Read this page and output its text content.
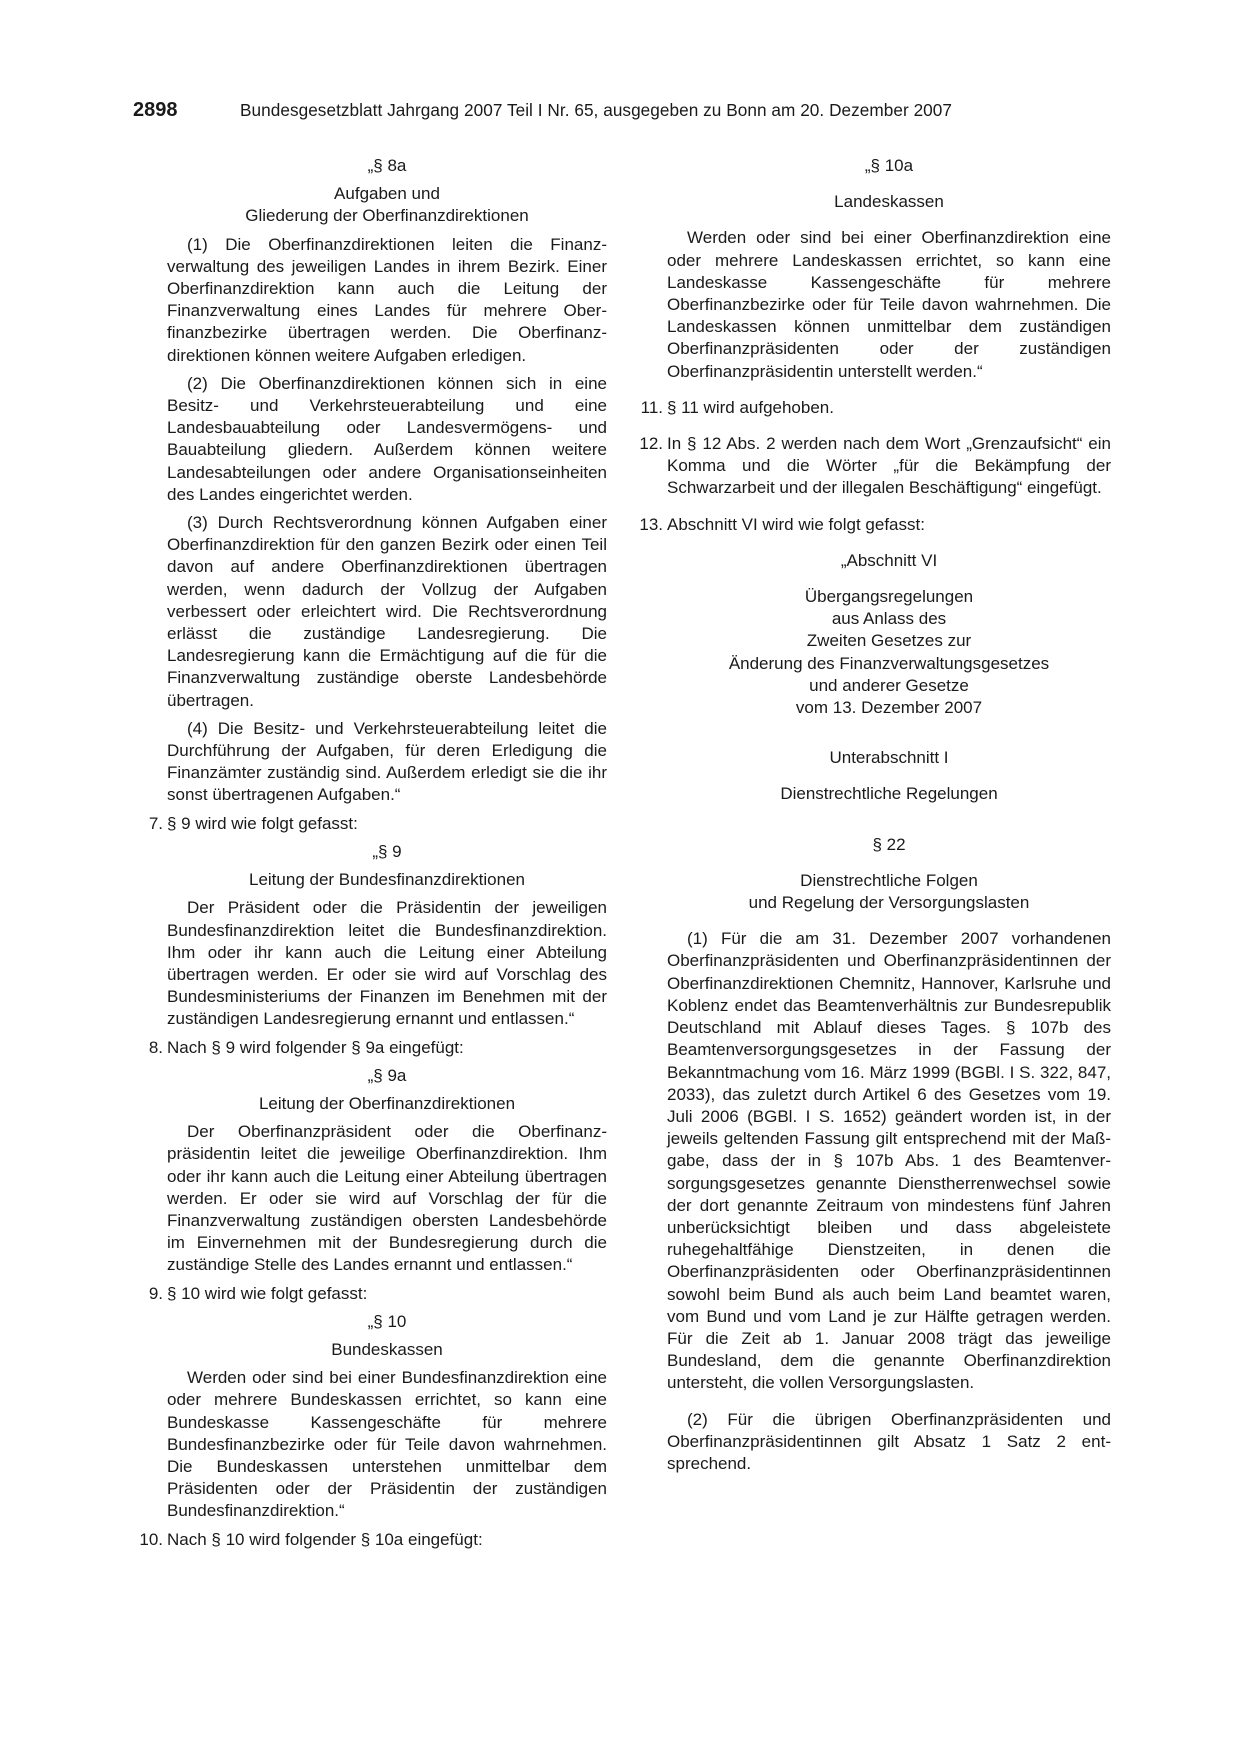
2898	Bundesgesetzblatt Jahrgang 2007 Teil I Nr. 65, ausgegeben zu Bonn am 20. Dezember 2007

„§ 8a

Aufgaben und

Gliederung der Oberfinanzdirektionen

(1) Die Oberfinanzdirektionen leiten die Finanzverwaltung des jeweiligen Landes in ihrem Bezirk. Einer Oberfinanzdirektion kann auch die Leitung der Finanzverwaltung eines Landes für mehrere Oberfinanzbezirke übertragen werden. Die Oberfinanzdirektionen können weitere Aufgaben erledigen.

(2) Die Oberfinanzdirektionen können sich in eine Besitz- und Verkehrsteuerabteilung und eine Landesbauabteilung oder Landesvermögens- und Bauabteilung gliedern. Außerdem können weitere Landesabteilungen oder andere Organisationseinheiten des Landes eingerichtet werden.

(3) Durch Rechtsverordnung können Aufgaben einer Oberfinanzdirektion für den ganzen Bezirk oder einen Teil davon auf andere Oberfinanzdirektionen übertragen werden, wenn dadurch der Vollzug der Aufgaben verbessert oder erleichtert wird. Die Rechtsverordnung erlässt die zuständige Landesregierung. Die Landesregierung kann die Ermächtigung auf die für die Finanzverwaltung zuständige oberste Landesbehörde übertragen.

(4) Die Besitz- und Verkehrsteuerabteilung leitet die Durchführung der Aufgaben, für deren Erledigung die Finanzämter zuständig sind. Außerdem erledigt sie die ihr sonst übertragenen Aufgaben.“

7. § 9 wird wie folgt gefasst:

„§ 9

Leitung der Bundesfinanzdirektionen

Der Präsident oder die Präsidentin der jeweiligen Bundesfinanzdirektion leitet die Bundesfinanzdirektion. Ihm oder ihr kann auch die Leitung einer Abteilung übertragen werden. Er oder sie wird auf Vorschlag des Bundesministeriums der Finanzen im Benehmen mit der zuständigen Landesregierung ernannt und entlassen.“

8. Nach § 9 wird folgender § 9a eingefügt:

„§ 9a

Leitung der Oberfinanzdirektionen

Der Oberfinanzpräsident oder die Oberfinanzpräsidentin leitet die jeweilige Oberfinanzdirektion. Ihm oder ihr kann auch die Leitung einer Abteilung übertragen werden. Er oder sie wird auf Vorschlag der für die Finanzverwaltung zuständigen obersten Landesbehörde im Einvernehmen mit der Bundesregierung durch die zuständige Stelle des Landes ernannt und entlassen.“

9. § 10 wird wie folgt gefasst:

„§ 10

Bundeskassen

Werden oder sind bei einer Bundesfinanzdirektion eine oder mehrere Bundeskassen errichtet, so kann eine Bundeskasse Kassengeschäfte für mehrere Bundesfinanzbezirke oder für Teile davon wahrnehmen. Die Bundeskassen unterstehen unmittelbar dem Präsidenten oder der Präsidentin der zuständigen Bundesfinanzdirektion.“

10. Nach § 10 wird folgender § 10a eingefügt:

„§ 10a

Landeskassen

Werden oder sind bei einer Oberfinanzdirektion eine oder mehrere Landeskassen errichtet, so kann eine Landeskasse Kassengeschäfte für mehrere Oberfinanzbezirke oder für Teile davon wahrnehmen. Die Landeskassen können unmittelbar dem zuständigen Oberfinanzpräsidenten oder der zuständigen Oberfinanzpräsidentin unterstellt werden.“

11. § 11 wird aufgehoben.

12. In § 12 Abs. 2 werden nach dem Wort „Grenzaufsicht“ ein Komma und die Wörter „für die Bekämpfung der Schwarzarbeit und der illegalen Beschäftigung“ eingefügt.

13. Abschnitt VI wird wie folgt gefasst:

„Abschnitt VI

Übergangsregelungen

aus Anlass des

Zweiten Gesetzes zur

Änderung des Finanzverwaltungsgesetzes

und anderer Gesetze

vom 13. Dezember 2007

Unterabschnitt I

Dienstrechtliche Regelungen

§ 22

Dienstrechtliche Folgen

und Regelung der Versorgungslasten

(1) Für die am 31. Dezember 2007 vorhandenen Oberfinanzpräsidenten und Oberfinanzpräsidentinnen der Oberfinanzdirektionen Chemnitz, Hannover, Karlsruhe und Koblenz endet das Beamtenverhältnis zur Bundesrepublik Deutschland mit Ablauf dieses Tages. § 107b des Beamtenversorgungsgesetzes in der Fassung der Bekanntmachung vom 16. März 1999 (BGBl. I S. 322, 847, 2033), das zuletzt durch Artikel 6 des Gesetzes vom 19. Juli 2006 (BGBl. I S. 1652) geändert worden ist, in der jeweils geltenden Fassung gilt entsprechend mit der Maßgabe, dass der in § 107b Abs. 1 des Beamtenversorgungsgesetzes genannte Dienstherrenwechsel sowie der dort genannte Zeitraum von mindestens fünf Jahren unberücksichtigt bleiben und dass abgeleistete ruhegehaltfähige Dienstzeiten, in denen die Oberfinanzpräsidenten oder Oberfinanzpräsidentinnen sowohl beim Bund als auch beim Land beamtet waren, vom Bund und vom Land je zur Hälfte getragen werden. Für die Zeit ab 1. Januar 2008 trägt das jeweilige Bundesland, dem die genannte Oberfinanzdirektion untersteht, die vollen Versorgungslasten.

(2) Für die übrigen Oberfinanzpräsidenten und Oberfinanzpräsidentinnen gilt Absatz 1 Satz 2 entsprechend.
